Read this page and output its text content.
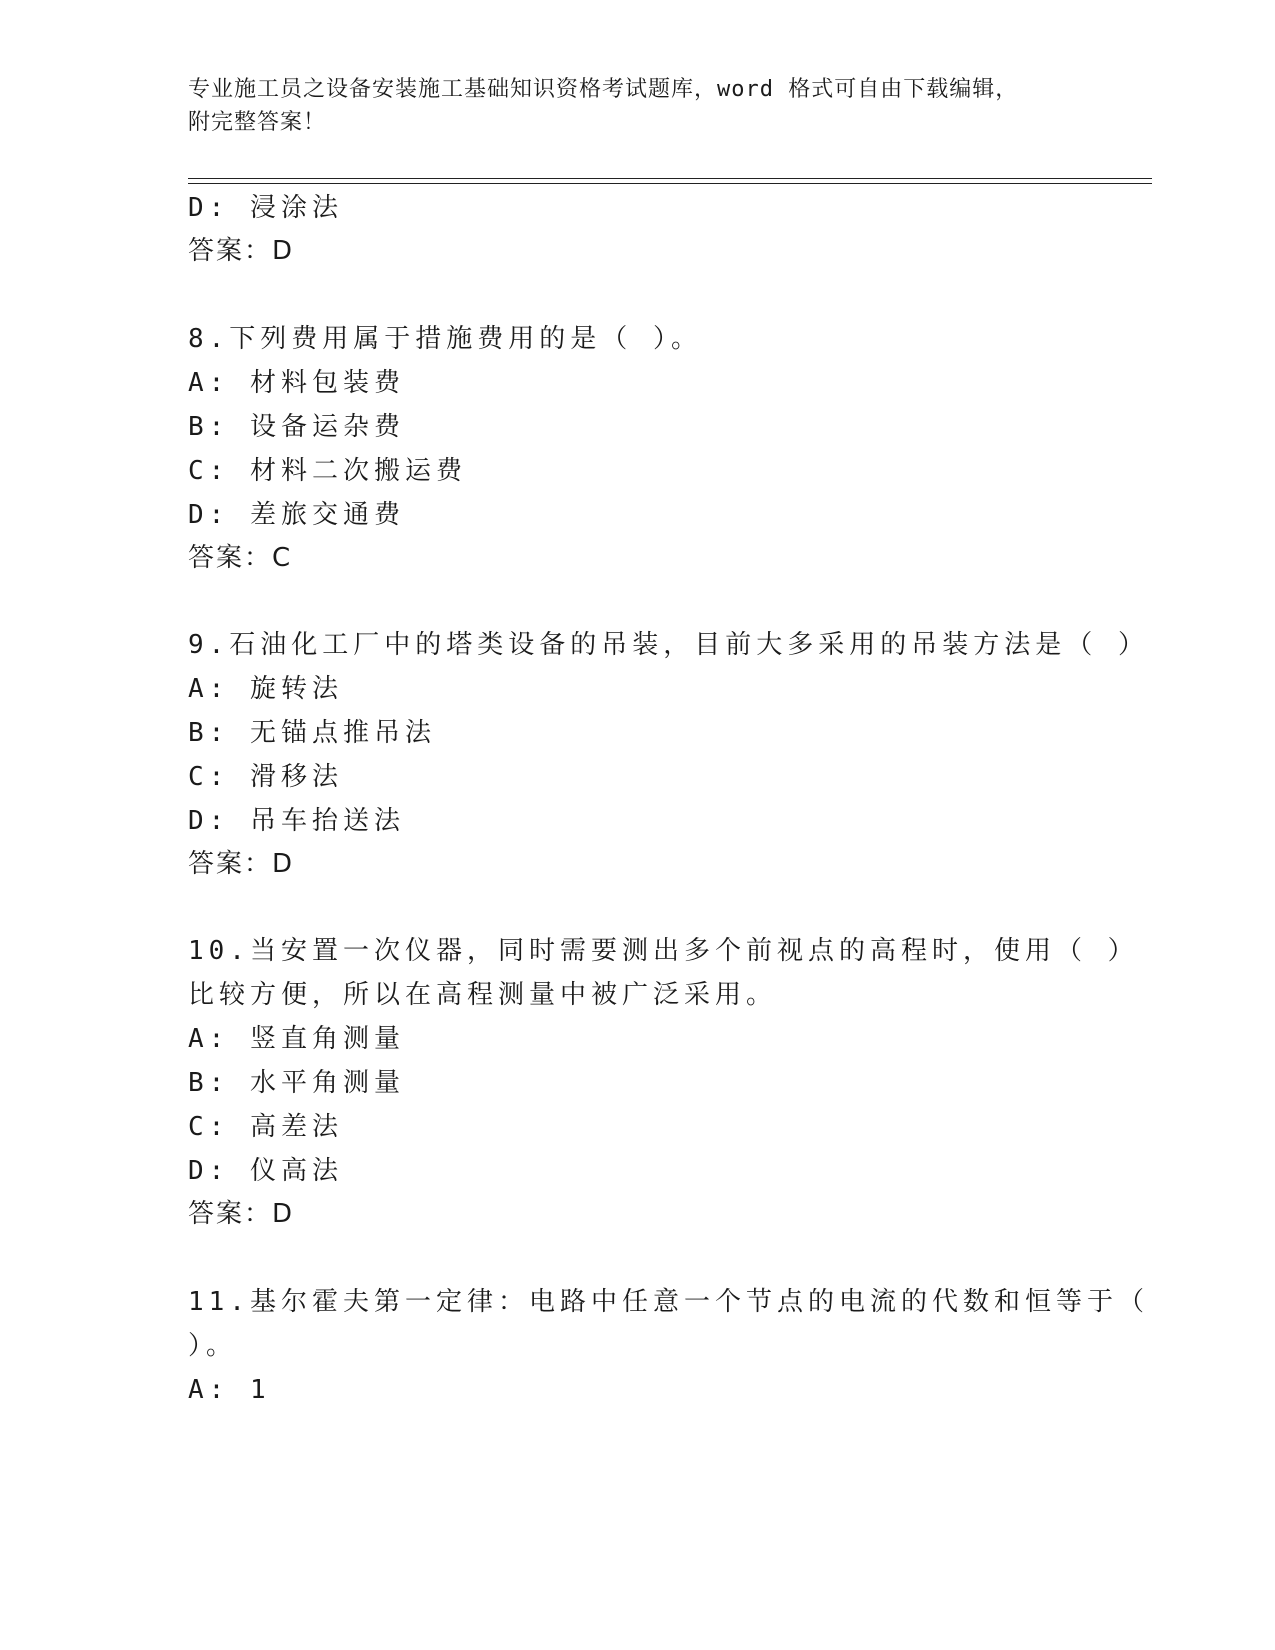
专业施工员之设备安装施工基础知识资格考试题库，word 格式可自由下载编辑，
附完整答案！
D: 浸涂法
答案：D
8.下列费用属于措施费用的是（ ）。
A: 材料包装费
B: 设备运杂费
C: 材料二次搬运费
D: 差旅交通费
答案：C
9.石油化工厂中的塔类设备的吊装，目前大多采用的吊装方法是（ ）
A: 旋转法
B: 无锚点推吊法
C: 滑移法
D: 吊车抬送法
答案：D
10.当安置一次仪器，同时需要测出多个前视点的高程时，使用（ ）
比较方便，所以在高程测量中被广泛采用。
A: 竖直角测量
B: 水平角测量
C: 高差法
D: 仪高法
答案：D
11.基尔霍夫第一定律：电路中任意一个节点的电流的代数和恒等于（
）。
A: 1
